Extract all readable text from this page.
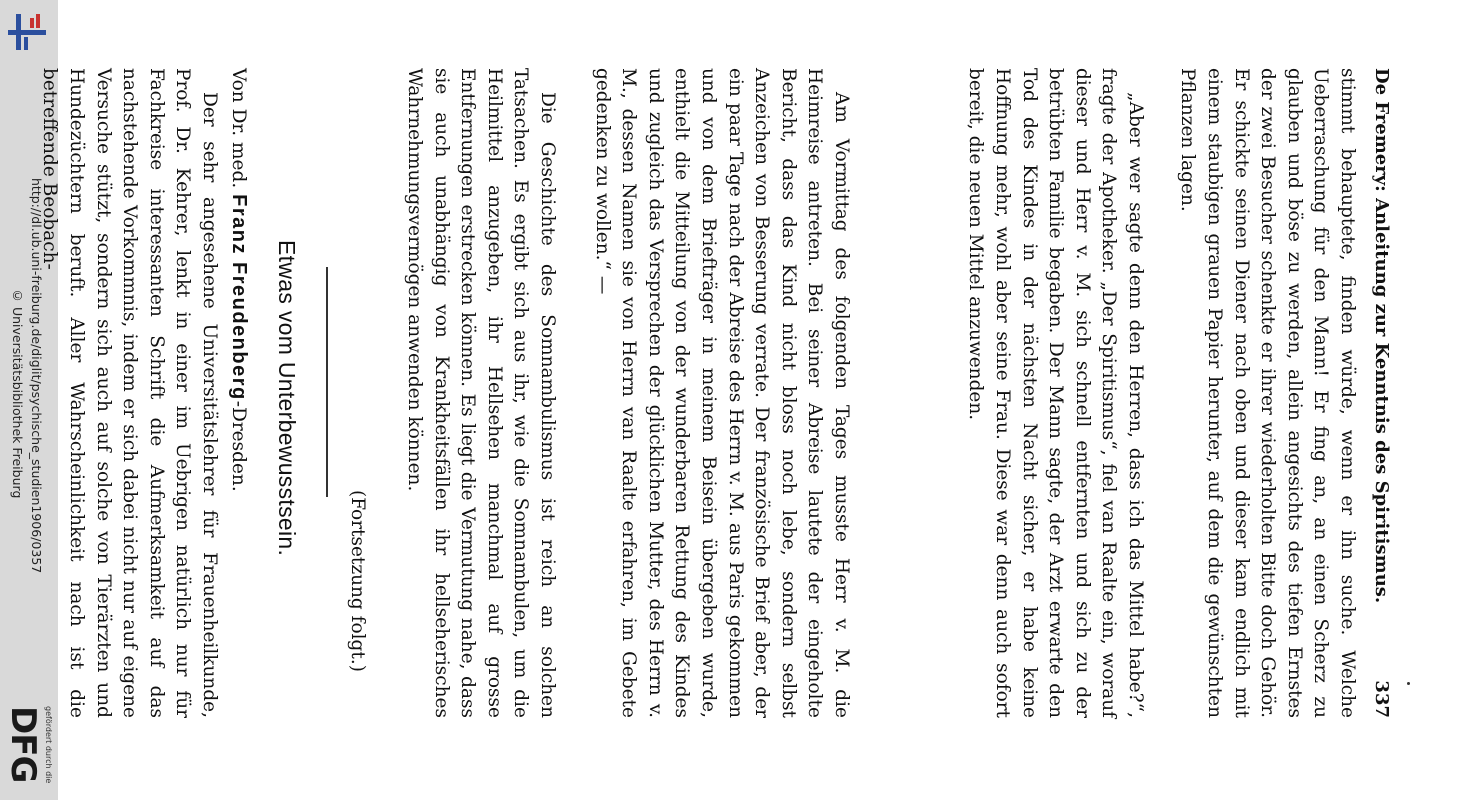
http://dl.ub.uni-freiburg.de/diglit/psychische_studien1906/0357
© Universitätsbibliothek Freiburg
gefördert durch die
DFG
De Fremery: Anleitung zur Kenntnis des Spiritismus.
337

stimmt behauptete, finden würde, wenn er ihn suche. Welche Ueberraschung für den Mann! Er fing an, an einen Scherz zu glauben und böse zu werden, allein angesichts des tiefen Ernstes der zwei Besucher schenkte er ihrer wiederholten Bitte doch Gehör. Er schickte seinen Diener nach oben und dieser kam endlich mit einem staubigen grauen Papier herunter, auf dem die gewünschten Pflanzen lagen.

„Aber wer sagte denn den Herren, dass ich das Mittel habe?“, fragte der Apotheker. „Der Spiritismus“, fiel van Raalte ein, worauf dieser und Herr v. M. sich schnell entfernten und sich zu der betrübten Familie begaben. Der Mann sagte, der Arzt erwarte den Tod des Kindes in der nächsten Nacht sicher, er habe keine Hoffnung mehr, wohl aber seine Frau. Diese war denn auch sofort bereit, die neuen Mittel anzuwenden.

Am Vormittag des folgenden Tages musste Herr v. M. die Heimreise antreten. Bei seiner Abreise lautete der eingeholte Bericht, dass das Kind nicht bloss noch lebe, sondern selbst Anzeichen von Besserung verrate. Der französische Brief aber, der ein paar Tage nach der Abreise des Herrn v. M. aus Paris gekommen und von dem Briefträger in meinem Beisein übergeben wurde, enthielt die Mitteilung von der wunderbaren Rettung des Kindes und zugleich das Versprechen der glücklichen Mutter, des Herrn v. M., dessen Namen sie von Herrn van Raalte erfahren, im Gebete gedenken zu wollen.“ —

Die Geschichte des Somnambulismus ist reich an solchen Tatsachen. Es ergibt sich aus ihr, wie die Somnambulen, um die Heilmittel anzugeben, ihr Hellsehen manchmal auf grosse Entfernungen erstrecken können. Es liegt die Vermutung nahe, dass sie auch unabhängig von Krankheitsfällen ihr hellseherisches Wahrnehmungsvermögen anwenden können.

(Fortsetzung folgt.)
Etwas vom Unterbewusstsein.
Von Dr. med. Franz Freudenberg-Dresden.

Der sehr angesehene Universitätslehrer für Frauenheilkunde, Prof. Dr. Kehrer, lenkt in einer im Uebrigen natürlich nur für Fachkreise interessanten Schrift die Aufmerksamkeit auf das nachstehende Vorkommnis, indem er sich dabei nicht nur auf eigene Versuche stützt, sondern sich auch auf solche von Tierärzten und Hundezüchtern beruft. Aller Wahrscheinlichkeit nach ist die betreffende Beobach-
